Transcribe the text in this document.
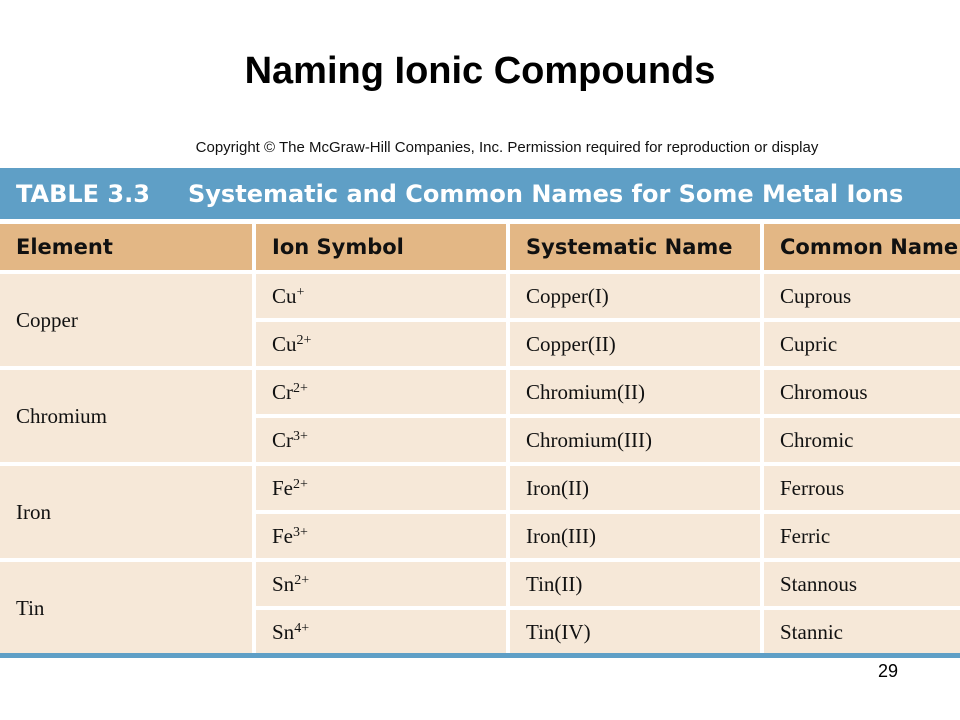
Naming Ionic Compounds
Copyright © The McGraw-Hill Companies, Inc. Permission required for reproduction or display
TABLE 3.3	Systematic and Common Names for Some Metal Ions
Element	Ion Symbol	Systematic Name	Common Name
Copper
Cu+	Copper(I)	Cuprous
$Cu^{2+}$	Copper(II)	Cupric
Chromium
$Cr^{2+}$	Chromium(II)	Chromous
$Cr^{3+}$	Chromium(III)	Chromic
Iron
$Fe^{2+}$	Iron(II)	Ferrous
$Fe^{3+}$	Iron(III)	Ferric
Tin
$Sn^{2+}$	Tin(II)	Stannous
$Sn^{4+}$	Tin(IV)	Stannic
29
